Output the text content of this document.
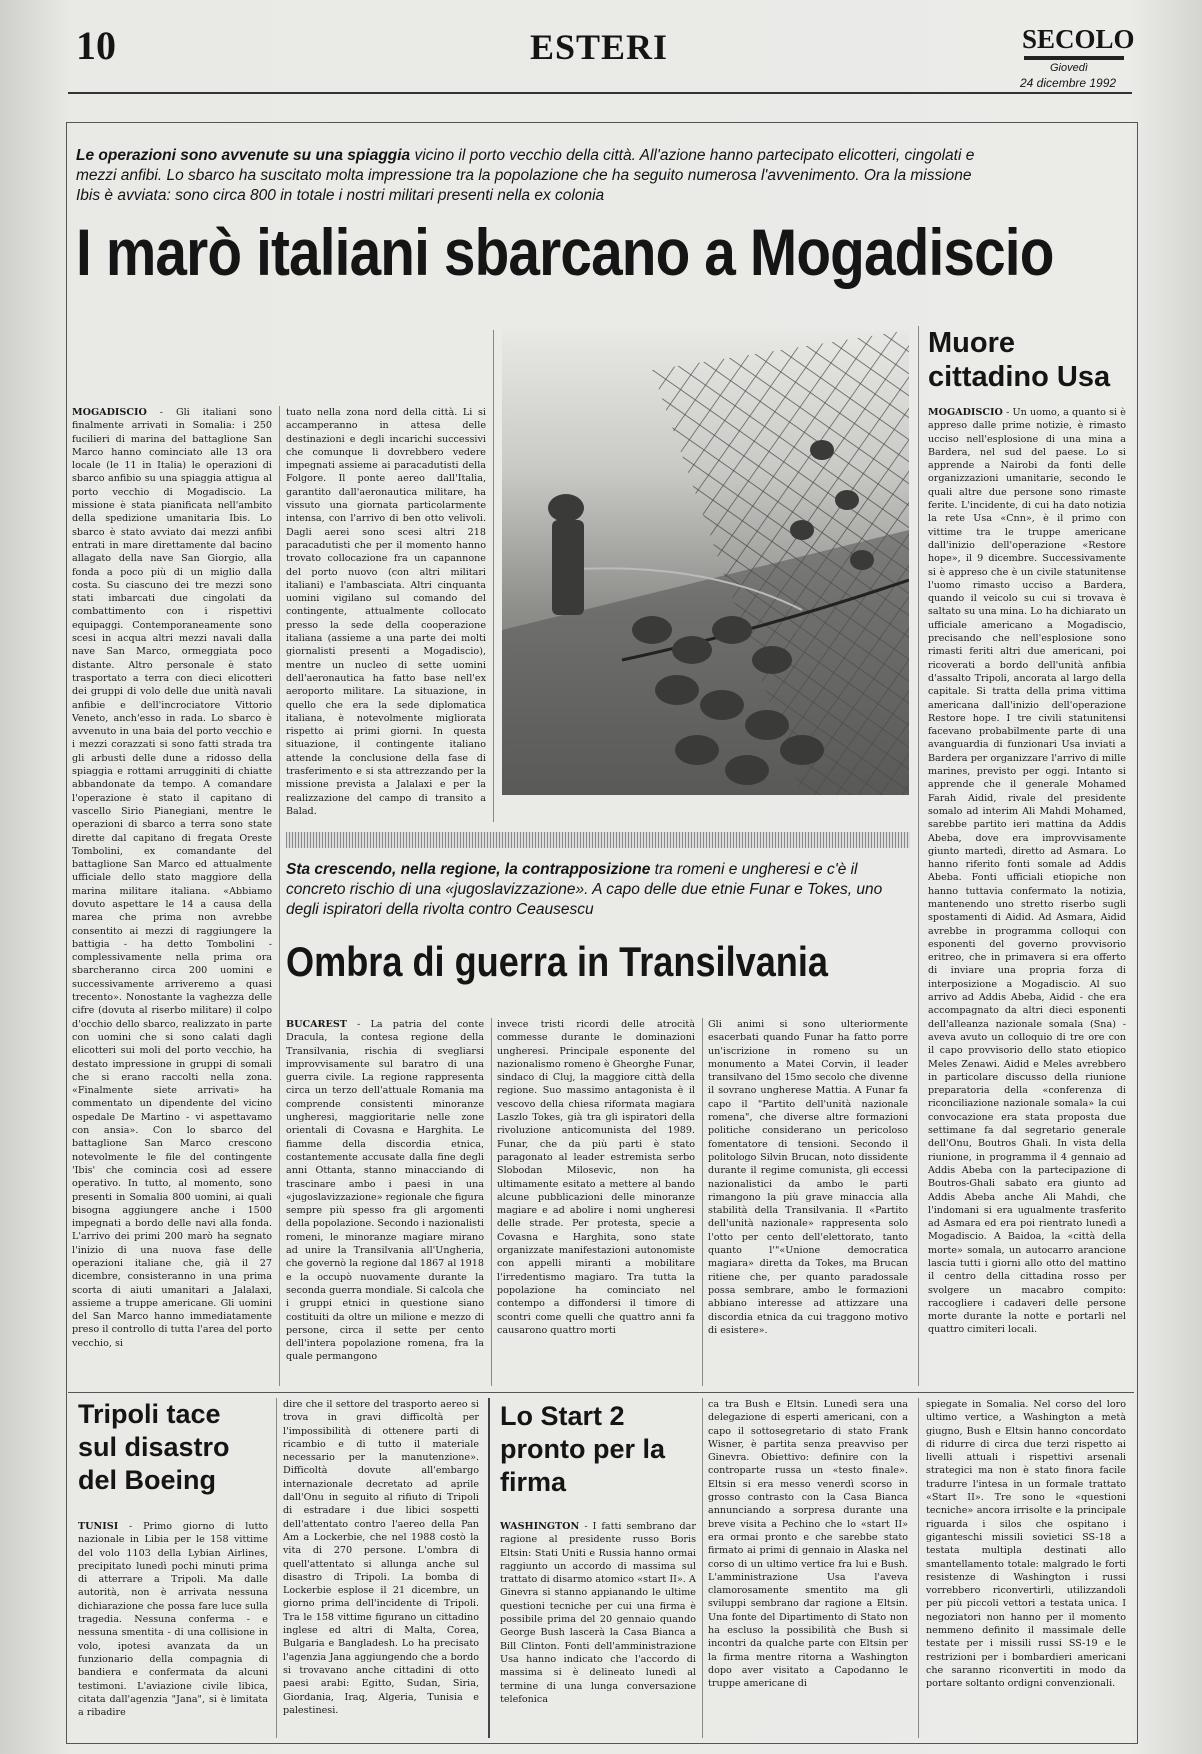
10	ESTERI	SECOLO
Giovedì
24 dicembre 1992
Le operazioni sono avvenute su una spiaggia vicino il porto vecchio della città. All'azione hanno partecipato elicotteri, cingolati e mezzi anfibi. Lo sbarco ha suscitato molta impressione tra la popolazione che ha seguito numerosa l'avvenimento. Ora la missione Ibis è avviata: sono circa 800 in totale i nostri militari presenti nella ex colonia
I marò italiani sbarcano a Mogadiscio

MOGADISCIO - Gli italiani sono finalmente arrivati in Somalia: i 250 fucilieri di marina del battaglione San Marco hanno cominciato alle 13 ora locale (le 11 in Italia) le operazioni di sbarco anfibio su una spiaggia attigua al porto vecchio di Mogadiscio. La missione è stata pianificata nell'ambito della spedizione umanitaria Ibis. Lo sbarco è stato avviato dai mezzi anfibi entrati in mare direttamente dal bacino allagato della nave San Giorgio, alla fonda a poco più di un miglio dalla costa. Su ciascuno dei tre mezzi sono stati imbarcati due cingolati da combattimento con i rispettivi equipaggi. Contemporaneamente sono scesi in acqua altri mezzi navali dalla nave San Marco, ormeggiata poco distante. Altro personale è stato trasportato a terra con dieci elicotteri dei gruppi di volo delle due unità navali anfibie e dell'incrociatore Vittorio Veneto, anch'esso in rada. Lo sbarco è avvenuto in una baia del porto vecchio e i mezzi corazzati si sono fatti strada tra gli arbusti delle dune a ridosso della spiaggia e rottami arrugginiti di chiatte abbandonate da tempo. A comandare l'operazione è stato il capitano di vascello Sirio Pianegiani, mentre le operazioni di sbarco a terra sono state dirette dal capitano di fregata Oreste Tombolini, ex comandante del battaglione San Marco ed attualmente ufficiale dello stato maggiore della marina militare italiana. «Abbiamo dovuto aspettare le 14 a causa della marea che prima non avrebbe consentito ai mezzi di raggiungere la battigia - ha detto Tombolini - complessivamente nella prima ora sbarcheranno circa 200 uomini e successivamente arriveremo a quasi trecento». Nonostante la vaghezza delle cifre (dovuta al riserbo militare) il colpo d'occhio dello sbarco, realizzato in parte con uomini che si sono calati dagli elicotteri sui moli del porto vecchio, ha destato impressione in gruppi di somali che si erano raccolti nella zona. «Finalmente siete arrivati» ha commentato un dipendente del vicino ospedale De Martino - vi aspettavamo con ansia». Con lo sbarco del battaglione San Marco crescono notevolmente le file del contingente 'Ibis' che comincia così ad essere operativo. In tutto, al momento, sono presenti in Somalia 800 uomini, ai quali bisogna aggiungere anche i 1500 impegnati a bordo delle navi alla fonda. L'arrivo dei primi 200 marò ha segnato l'inizio di una nuova fase delle operazioni italiane che, già il 27 dicembre, consisteranno in una prima scorta di aiuti umanitari a Jalalaxi, assieme a truppe americane. Gli uomini del San Marco hanno immediatamente preso il controllo di tutta l'area del porto vecchio, si

tuato nella zona nord della città. Li si accamperanno in attesa delle destinazioni e degli incarichi successivi che comunque li dovrebbero vedere impegnati assieme ai paracadutisti della Folgore. Il ponte aereo dall'Italia, garantito dall'aeronautica militare, ha vissuto una giornata particolarmente intensa, con l'arrivo di ben otto velivoli. Dagli aerei sono scesi altri 218 paracadutisti che per il momento hanno trovato collocazione fra un capannone del porto nuovo (con altri militari italiani) e l'ambasciata. Altri cinquanta uomini vigilano sul comando del contingente, attualmente collocato presso la sede della cooperazione italiana (assieme a una parte dei molti giornalisti presenti a Mogadiscio), mentre un nucleo di sette uomini dell'aeronautica ha fatto base nell'ex aeroporto militare. La situazione, in quello che era la sede diplomatica italiana, è notevolmente migliorata rispetto ai primi giorni. In questa situazione, il contingente italiano attende la conclusione della fase di trasferimento e si sta attrezzando per la missione prevista a Jalalaxi e per la realizzazione del campo di transito a Balad.

Muore cittadino Usa

MOGADISCIO - Un uomo, a quanto si è appreso dalle prime notizie, è rimasto ucciso nell'esplosione di una mina a Bardera, nel sud del paese. Lo si apprende a Nairobi da fonti delle organizzazioni umanitarie, secondo le quali altre due persone sono rimaste ferite. L'incidente, di cui ha dato notizia la rete Usa «Cnn», è il primo con vittime tra le truppe americane dall'inizio dell'operazione «Restore hope», il 9 dicembre. Successivamente si è appreso che è un civile statunitense l'uomo rimasto ucciso a Bardera, quando il veicolo su cui si trovava è saltato su una mina. Lo ha dichiarato un ufficiale americano a Mogadiscio, precisando che nell'esplosione sono rimasti feriti altri due americani, poi ricoverati a bordo dell'unità anfibia d'assalto Tripoli, ancorata al largo della capitale. Si tratta della prima vittima americana dall'inizio dell'operazione Restore hope. I tre civili statunitensi facevano probabilmente parte di una avanguardia di funzionari Usa inviati a Bardera per organizzare l'arrivo di mille marines, previsto per oggi. Intanto si apprende che il generale Mohamed Farah Aidid, rivale del presidente somalo ad interim Ali Mahdi Mohamed, sarebbe partito ieri mattina da Addis Abeba, dove era improvvisamente giunto martedì, diretto ad Asmara. Lo hanno riferito fonti somale ad Addis Abeba. Fonti ufficiali etiopiche non hanno tuttavia confermato la notizia, mantenendo uno stretto riserbo sugli spostamenti di Aidid. Ad Asmara, Aidid avrebbe in programma colloqui con esponenti del governo provvisorio eritreo, che in primavera si era offerto di inviare una propria forza di interposizione a Mogadiscio. Al suo arrivo ad Addis Abeba, Aidid - che era accompagnato da altri dieci esponenti dell'alleanza nazionale somala (Sna) - aveva avuto un colloquio di tre ore con il capo provvisorio dello stato etiopico Meles Zenawi. Aidid e Meles avrebbero in particolare discusso della riunione preparatoria della «conferenza di riconciliazione nazionale somala» la cui convocazione era stata proposta due settimane fa dal segretario generale dell'Onu, Boutros Ghali. In vista della riunione, in programma il 4 gennaio ad Addis Abeba con la partecipazione di Boutros-Ghali sabato era giunto ad Addis Abeba anche Ali Mahdi, che l'indomani si era ugualmente trasferito ad Asmara ed era poi rientrato lunedì a Mogadiscio. A Baidoa, la «città della morte» somala, un autocarro arancione lascia tutti i giorni allo otto del mattino il centro della cittadina rosso per svolgere un macabro compito: raccogliere i cadaveri delle persone morte durante la notte e portarli nel quattro cimiteri locali.

Sta crescendo, nella regione, la contrapposizione tra romeni e ungheresi e c'è il concreto rischio di una «jugoslavizzazione». A capo delle due etnie Funar e Tokes, uno degli ispiratori della rivolta contro Ceausescu
Ombra di guerra in Transilvania

BUCAREST - La patria del conte Dracula, la contesa regione della Transilvania, rischia di svegliarsi improvvisamente sul baratro di una guerra civile. La regione rappresenta circa un terzo dell'attuale Romania ma comprende consistenti minoranze ungheresi, maggioritarie nelle zone orientali di Covasna e Harghita. Le fiamme della discordia etnica, costantemente accusate dalla fine degli anni Ottanta, stanno minacciando di trascinare ambo i paesi in una «jugoslavizzazione» regionale che figura sempre più spesso fra gli argomenti della popolazione. Secondo i nazionalisti romeni, le minoranze magiare mirano ad unire la Transilvania all'Ungheria, che governò la regione dal 1867 al 1918 e la occupò nuovamente durante la seconda guerra mondiale. Si calcola che i gruppi etnici in questione siano costituiti da oltre un milione e mezzo di persone, circa il sette per cento dell'intera popolazione romena, fra la quale permangono

invece tristi ricordi delle atrocità commesse durante le dominazioni ungheresi. Principale esponente del nazionalismo romeno è Gheorghe Funar, sindaco di Cluj, la maggiore città della regione. Suo massimo antagonista è il vescovo della chiesa riformata magiara Laszlo Tokes, già tra gli ispiratori della rivoluzione anticomunista del 1989. Funar, che da più parti è stato paragonato al leader estremista serbo Slobodan Milosevic, non ha ultimamente esitato a mettere al bando alcune pubblicazioni delle minoranze magiare e ad abolire i nomi ungheresi delle strade. Per protesta, specie a Covasna e Harghita, sono state organizzate manifestazioni autonomiste con appelli miranti a mobilitare l'irredentismo magiaro. Tra tutta la popolazione ha cominciato nel contempo a diffondersi il timore di scontri come quelli che quattro anni fa causarono quattro morti

Gli animi si sono ulteriormente esacerbati quando Funar ha fatto porre un'iscrizione in romeno su un monumento a Matei Corvin, il leader transilvano del 15mo secolo che divenne il sovrano ungherese Mattia. A Funar fa capo il "Partito dell'unità nazionale romena", che diverse altre formazioni politiche considerano un pericoloso fomentatore di tensioni. Secondo il politologo Silvin Brucan, noto dissidente durante il regime comunista, gli eccessi nazionalistici da ambo le parti rimangono la più grave minaccia alla stabilità della Transilvania. Il «Partito dell'unità nazionale» rappresenta solo l'otto per cento dell'elettorato, tanto quanto l'"«Unione democratica magiara» diretta da Tokes, ma Brucan ritiene che, per quanto paradossale possa sembrare, ambo le formazioni abbiano interesse ad attizzare una discordia etnica da cui traggono motivo di esistere».

Tripoli tace sul disastro del Boeing

TUNISI - Primo giorno di lutto nazionale in Libia per le 158 vittime del volo 1103 della Lybian Airlines, precipitato lunedì pochi minuti prima di atterrare a Tripoli. Ma dalle autorità, non è arrivata nessuna dichiarazione che possa fare luce sulla tragedia. Nessuna conferma - e nessuna smentita - di una collisione in volo, ipotesi avanzata da un funzionario della compagnia di bandiera e confermata da alcuni testimoni. L'aviazione civile libica, citata dall'agenzia "Jana", si è limitata a ribadire

dire che il settore del trasporto aereo si trova in gravi difficoltà per l'impossibilità di ottenere parti di ricambio e di tutto il materiale necessario per la manutenzione». Difficoltà dovute all'embargo internazionale decretato ad aprile dall'Onu in seguito al rifiuto di Tripoli di estradare i due libici sospetti dell'attentato contro l'aereo della Pan Am a Lockerbie, che nel 1988 costò la vita di 270 persone. L'ombra di quell'attentato si allunga anche sul disastro di Tripoli. La bomba di Lockerbie esplose il 21 dicembre, un giorno prima dell'incidente di Tripoli. Tra le 158 vittime figurano un cittadino inglese ed altri di Malta, Corea, Bulgaria e Bangladesh. Lo ha precisato l'agenzia Jana aggiungendo che a bordo si trovavano anche cittadini di otto paesi arabi: Egitto, Sudan, Siria, Giordania, Iraq, Algeria, Tunisia e palestinesi.

Lo Start 2 pronto per la firma

WASHINGTON - I fatti sembrano dar ragione al presidente russo Boris Eltsin: Stati Uniti e Russia hanno ormai raggiunto un accordo di massima sul trattato di disarmo atomico «start II». A Ginevra si stanno appianando le ultime questioni tecniche per cui una firma è possibile prima del 20 gennaio quando George Bush lascerà la Casa Bianca a Bill Clinton. Fonti dell'amministrazione Usa hanno indicato che l'accordo di massima si è delineato lunedì al termine di una lunga conversazione telefonica

ca tra Bush e Eltsin. Lunedì sera una delegazione di esperti americani, con a capo il sottosegretario di stato Frank Wisner, è partita senza preavviso per Ginevra. Obiettivo: definire con la controparte russa un «testo finale». Eltsin si era messo venerdì scorso in grosso contrasto con la Casa Bianca annunciando a sorpresa durante una breve visita a Pechino che lo «start II» era ormai pronto e che sarebbe stato firmato ai primi di gennaio in Alaska nel corso di un ultimo vertice fra lui e Bush. L'amministrazione Usa l'aveva clamorosamente smentito ma gli sviluppi sembrano dar ragione a Eltsin. Una fonte del Dipartimento di Stato non ha escluso la possibilità che Bush si incontri da qualche parte con Eltsin per la firma mentre ritorna a Washington dopo aver visitato a Capodanno le truppe americane di

spiegate in Somalia. Nel corso del loro ultimo vertice, a Washington a metà giugno, Bush e Eltsin hanno concordato di ridurre di circa due terzi rispetto ai livelli attuali i rispettivi arsenali strategici ma non è stato finora facile tradurre l'intesa in un formale trattato «Start II». Tre sono le «questioni tecniche» ancora irrisolte e la principale riguarda i silos che ospitano i giganteschi missili sovietici SS-18 a testata multipla destinati allo smantellamento totale: malgrado le forti resistenze di Washington i russi vorrebbero riconvertirli, utilizzandoli per più piccoli vettori a testata unica. I negoziatori non hanno per il momento nemmeno definito il massimale delle testate per i missili russi SS-19 e le restrizioni per i bombardieri americani che saranno riconvertiti in modo da portare soltanto ordigni convenzionali.
